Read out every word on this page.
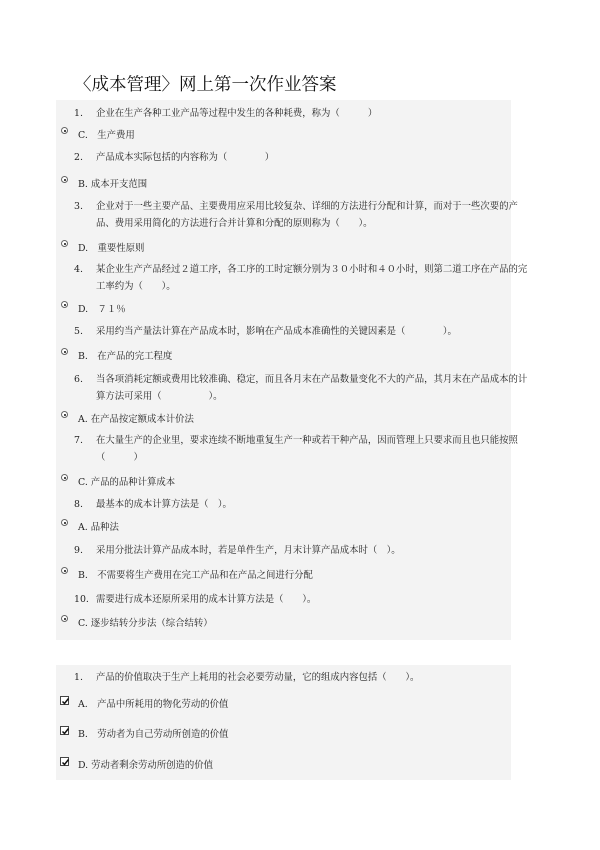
〈成本管理〉网上第一次作业答案
1. 企业在生产各种工业产品等过程中发生的各种耗费，称为（　　　）
C.　生产费用
2. 产品成本实际包括的内容称为（　　　　）
B. 成本开支范围
3. 企业对于一些主要产品、主要费用应采用比较复杂、详细的方法进行分配和计算，而对于一些次要的产品、费用采用简化的方法进行合并计算和分配的原则称为（　　）。
D.　重要性原则
4. 某企业生产产品经过２道工序，各工序的工时定额分别为３０小时和４０小时，则第二道工序在产品的完工率约为（　　）。
D.　７１％
5. 采用约当产量法计算在产品成本时，影响在产品成本准确性的关键因素是（　　　　）。
B.　在产品的完工程度
6. 当各项消耗定额或费用比较准确、稳定，而且各月末在产品数量变化不大的产品，其月末在产品成本的计算方法可采用（　　　　　）。
A. 在产品按定额成本计价法
7. 在大量生产的企业里，要求连续不断地重复生产一种或若干种产品，因而管理上只要求而且也只能按照（　　　）
C. 产品的品种计算成本
8. 最基本的成本计算方法是（　）。
A. 品种法
9. 采用分批法计算产品成本时，若是单件生产，月末计算产品成本时（　）。
B.　不需要将生产费用在完工产品和在产品之间进行分配
10. 需要进行成本还原所采用的成本计算方法是（　　）。
C. 逐步结转分步法（综合结转）
1. 产品的价值取决于生产上耗用的社会必要劳动量，它的组成内容包括（　　）。
A.　产品中所耗用的物化劳动的价值
B.　劳动者为自己劳动所创造的价值
D. 劳动者剩余劳动所创造的价值
